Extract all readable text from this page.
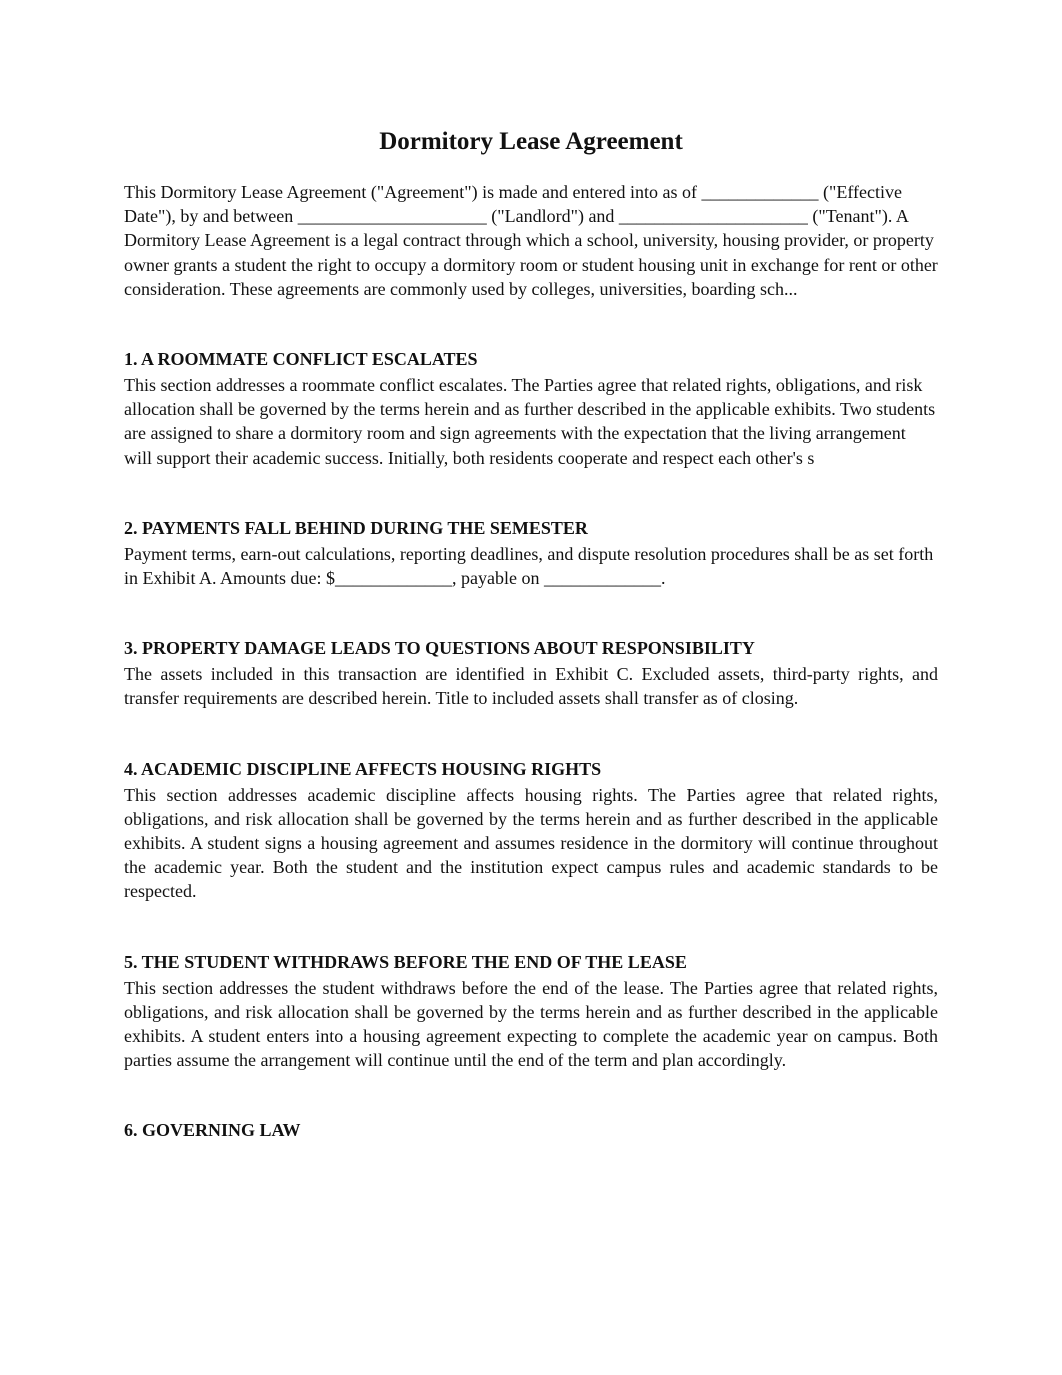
Dormitory Lease Agreement

This Dormitory Lease Agreement ("Agreement") is made and entered into as of _____________ ("Effective Date"), by and between _____________________ ("Landlord") and _____________________ ("Tenant"). A Dormitory Lease Agreement is a legal contract through which a school, university, housing provider, or property owner grants a student the right to occupy a dormitory room or student housing unit in exchange for rent or other consideration. These agreements are commonly used by colleges, universities, boarding sch...

1. A ROOMMATE CONFLICT ESCALATES

This section addresses a roommate conflict escalates. The Parties agree that related rights, obligations, and risk allocation shall be governed by the terms herein and as further described in the applicable exhibits. Two students are assigned to share a dormitory room and sign agreements with the expectation that the living arrangement will support their academic success. Initially, both residents cooperate and respect each other's s

2. PAYMENTS FALL BEHIND DURING THE SEMESTER

Payment terms, earn-out calculations, reporting deadlines, and dispute resolution procedures shall be as set forth in Exhibit A. Amounts due: $_____________, payable on _____________.

3. PROPERTY DAMAGE LEADS TO QUESTIONS ABOUT RESPONSIBILITY

The assets included in this transaction are identified in Exhibit C. Excluded assets, third-party rights, and transfer requirements are described herein. Title to included assets shall transfer as of closing.

4. ACADEMIC DISCIPLINE AFFECTS HOUSING RIGHTS

This section addresses academic discipline affects housing rights. The Parties agree that related rights, obligations, and risk allocation shall be governed by the terms herein and as further described in the applicable exhibits. A student signs a housing agreement and assumes residence in the dormitory will continue throughout the academic year. Both the student and the institution expect campus rules and academic standards to be respected.

5. THE STUDENT WITHDRAWS BEFORE THE END OF THE LEASE

This section addresses the student withdraws before the end of the lease. The Parties agree that related rights, obligations, and risk allocation shall be governed by the terms herein and as further described in the applicable exhibits. A student enters into a housing agreement expecting to complete the academic year on campus. Both parties assume the arrangement will continue until the end of the term and plan accordingly.

6. GOVERNING LAW
